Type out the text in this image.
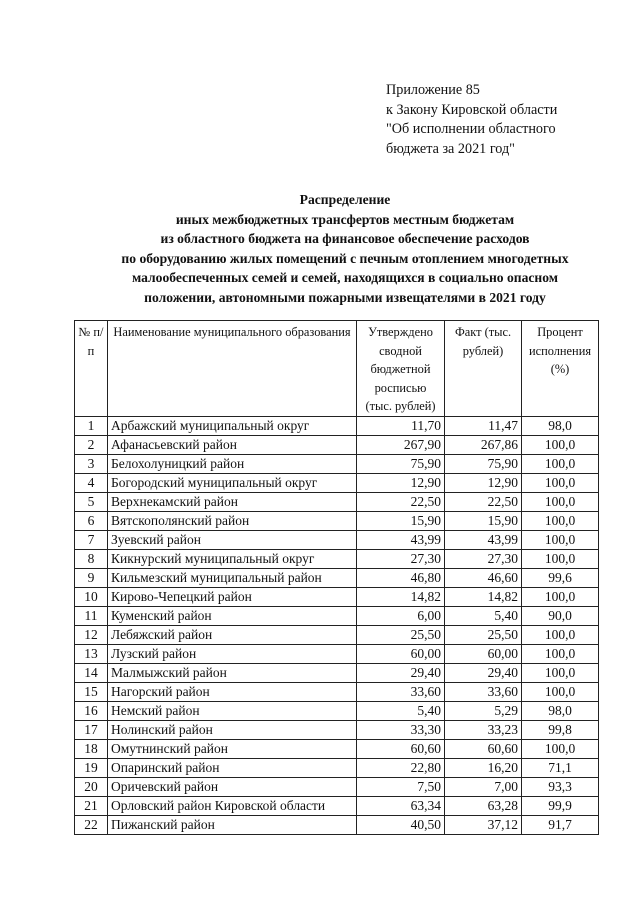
Приложение 85
к Закону Кировской области
"Об исполнении областного
бюджета за 2021 год"
Распределение
иных межбюджетных трансфертов местным бюджетам
из областного бюджета на финансовое обеспечение расходов
по оборудованию жилых помещений с печным отоплением многодетных
малообеспеченных семей и семей, находящихся в социально опасном
положении, автономными пожарными извещателями в 2021 году
№ п/п	Наименование муниципального образования	Утверждено сводной бюджетной росписью (тыс. рублей)	Факт (тыс. рублей)	Процент исполнения (%)
1	Арбажский муниципальный округ	11,70	11,47	98,0
2	Афанасьевский район	267,90	267,86	100,0
3	Белохолуницкий район	75,90	75,90	100,0
4	Богородский муниципальный округ	12,90	12,90	100,0
5	Верхнекамский район	22,50	22,50	100,0
6	Вятскополянский район	15,90	15,90	100,0
7	Зуевский район	43,99	43,99	100,0
8	Кикнурский муниципальный округ	27,30	27,30	100,0
9	Кильмезский муниципальный район	46,80	46,60	99,6
10	Кирово-Чепецкий район	14,82	14,82	100,0
11	Куменский район	6,00	5,40	90,0
12	Лебяжский район	25,50	25,50	100,0
13	Лузский район	60,00	60,00	100,0
14	Малмыжский район	29,40	29,40	100,0
15	Нагорский район	33,60	33,60	100,0
16	Немский район	5,40	5,29	98,0
17	Нолинский район	33,30	33,23	99,8
18	Омутнинский район	60,60	60,60	100,0
19	Опаринский район	22,80	16,20	71,1
20	Оричевский район	7,50	7,00	93,3
21	Орловский район Кировской области	63,34	63,28	99,9
22	Пижанский район	40,50	37,12	91,7
